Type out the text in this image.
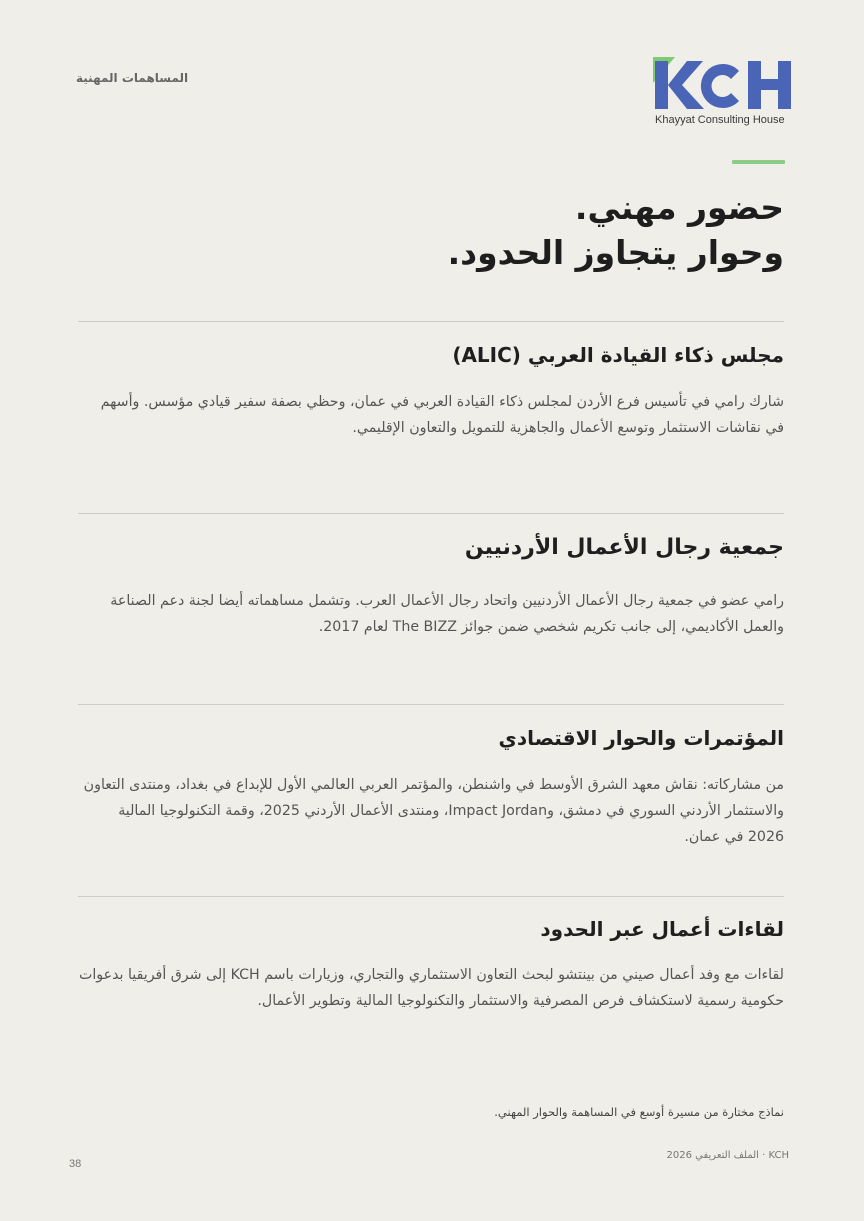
المساهمات المهنية
Khayyat Consulting House
حضور مهني.
وحوار يتجاوز الحدود.
مجلس ذكاء القيادة العربي (ALIC)

شارك رامي في تأسيس فرع الأردن لمجلس ذكاء القيادة العربي في عمان، وحظي بصفة سفير قيادي مؤسس. وأسهم في نقاشات الاستثمار وتوسع الأعمال والجاهزية للتمويل والتعاون الإقليمي.

جمعية رجال الأعمال الأردنيين

رامي عضو في جمعية رجال الأعمال الأردنيين واتحاد رجال الأعمال العرب. وتشمل مساهماته أيضا لجنة دعم الصناعة والعمل الأكاديمي، إلى جانب تكريم شخصي ضمن جوائز The BIZZ لعام 2017.

المؤتمرات والحوار الاقتصادي

من مشاركاته: نقاش معهد الشرق الأوسط في واشنطن، والمؤتمر العربي العالمي الأول للإبداع في بغداد، ومنتدى التعاون والاستثمار الأردني السوري في دمشق، وImpact Jordan، ومنتدى الأعمال الأردني 2025، وقمة التكنولوجيا المالية 2026 في عمان.

لقاءات أعمال عبر الحدود

لقاءات مع وفد أعمال صيني من بينتشو لبحث التعاون الاستثماري والتجاري، وزيارات باسم KCH إلى شرق أفريقيا بدعوات حكومية رسمية لاستكشاف فرص المصرفية والاستثمار والتكنولوجيا المالية وتطوير الأعمال.

نماذج مختارة من مسيرة أوسع في المساهمة والحوار المهني.
KCH · الملف التعريفي 2026
38
